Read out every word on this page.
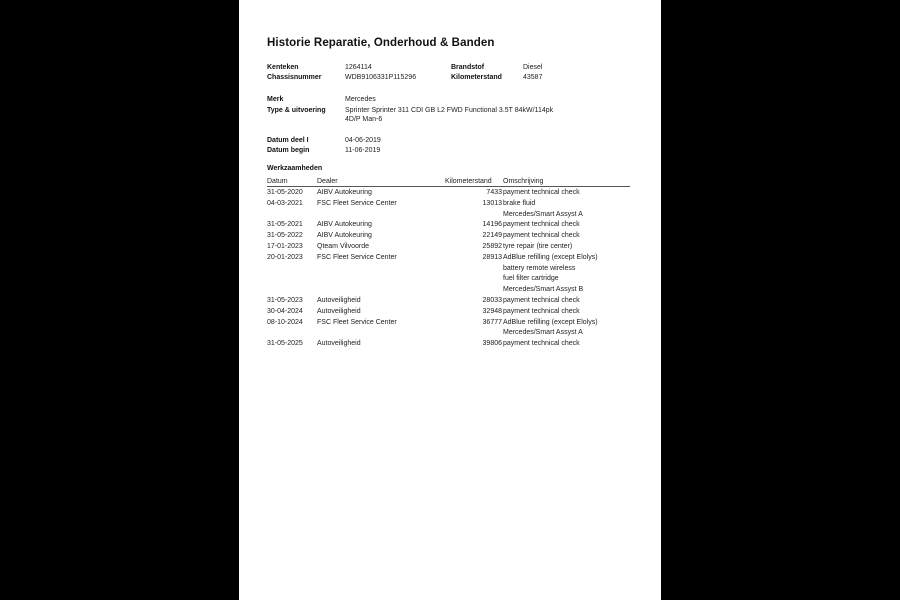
Historie Reparatie, Onderhoud & Banden
Kenteken	1264114	Brandstof	Diesel
Chassisnummer	WDB9106331P115296	Kilometerstand	43587
Merk	Mercedes
Type & uitvoering	Sprinter Sprinter 311 CDI GB L2 FWD Functional 3.5T 84kW/114pk
4D/P Man-6
Datum deel I	04-06-2019
Datum begin	11-06-2019
Werkzaamheden
Datum	Dealer	Kilometerstand Omschrijving
31-05-2020 AIBV Autokeuring	7433 payment technical check
04-03-2021 FSC Fleet Service Center	13013 brake fluid
Mercedes/Smart Assyst A
31-05-2021 AIBV Autokeuring	14196 payment technical check
31-05-2022 AIBV Autokeuring	22149 payment technical check
17-01-2023 Qteam Vilvoorde	25892 tyre repair (tire center)
20-01-2023 FSC Fleet Service Center	28913 AdBlue refilling (except Elolys)
battery remote wireless
fuel filter cartridge
Mercedes/Smart Assyst B
31-05-2023 Autoveiligheid	28033 payment technical check
30-04-2024 Autoveiligheid	32948 payment technical check
08-10-2024 FSC Fleet Service Center	36777 AdBlue refilling (except Elolys)
Mercedes/Smart Assyst A
31-05-2025 Autoveiligheid	39806 payment technical check
